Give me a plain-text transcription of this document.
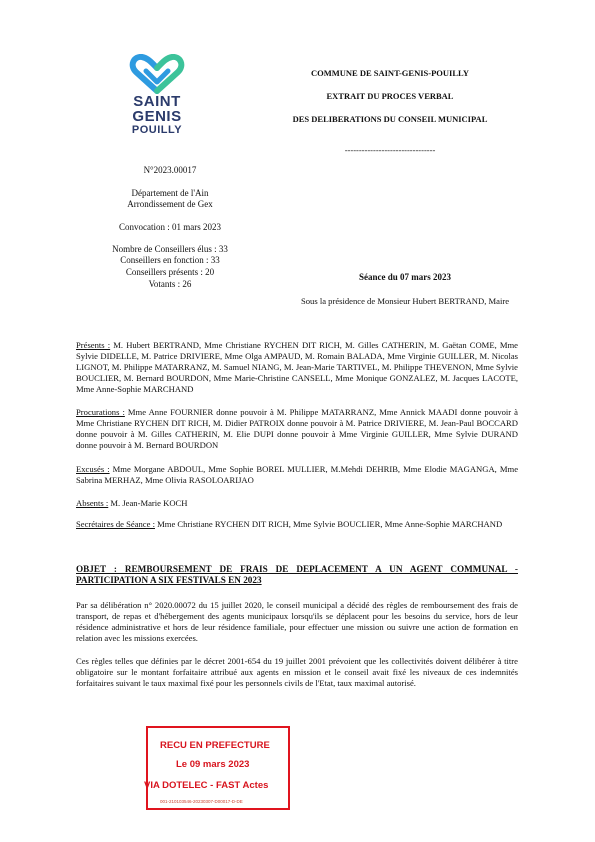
SAINT
GENIS
POUILLY
COMMUNE DE SAINT-GENIS-POUILLY
EXTRAIT DU PROCES VERBAL
DES DELIBERATIONS DU CONSEIL MUNICIPAL
--------------------------------
N°2023.00017
Département de l'Ain
Arrondissement de Gex
Convocation : 01 mars 2023
Nombre de Conseillers élus : 33
Conseillers en fonction : 33
Conseillers présents : 20
Votants : 26
Séance du 07 mars 2023
Sous la présidence de Monsieur Hubert BERTRAND, Maire
Présents : M. Hubert BERTRAND, Mme Christiane RYCHEN DIT RICH, M. Gilles CATHERIN, M. Gaëtan COME, Mme Sylvie DIDELLE, M. Patrice DRIVIERE, Mme Olga AMPAUD, M. Romain BALADA, Mme Virginie GUILLER, M. Nicolas LIGNOT, M. Philippe MATARRANZ, M. Samuel NIANG, M. Jean-Marie TARTIVEL, M. Philippe THEVENON, Mme Sylvie BOUCLIER, M. Bernard BOURDON, Mme Marie-Christine CANSELL, Mme Monique GONZALEZ, M. Jacques LACOTE, Mme Anne-Sophie MARCHAND
Procurations : Mme Anne FOURNIER donne pouvoir à M. Philippe MATARRANZ, Mme Annick MAADI donne pouvoir à Mme Christiane RYCHEN DIT RICH, M. Didier PATROIX donne pouvoir à M. Patrice DRIVIERE, M. Jean-Paul BOCCARD donne pouvoir à M. Gilles CATHERIN, M. Elie DUPI donne pouvoir à Mme Virginie GUILLER, Mme Sylvie DURAND donne pouvoir à M. Bernard BOURDON
Excusés : Mme Morgane ABDOUL, Mme Sophie BOREL MULLIER, M.Mehdi DEHRIB, Mme Elodie MAGANGA, Mme Sabrina MERHAZ, Mme Olivia RASOLOARIJAO
Absents : M. Jean-Marie KOCH
Secrétaires de Séance : Mme Christiane RYCHEN DIT RICH, Mme Sylvie BOUCLIER, Mme Anne-Sophie MARCHAND
OBJET : REMBOURSEMENT DE FRAIS DE DEPLACEMENT A UN AGENT COMMUNAL - PARTICIPATION A SIX FESTIVALS EN 2023
Par sa délibération n° 2020.00072 du 15 juillet 2020, le conseil municipal a décidé des règles de remboursement des frais de transport, de repas et d'hébergement des agents municipaux lorsqu'ils se déplacent pour les besoins du service, hors de leur résidence administrative et hors de leur résidence familiale, pour effectuer une mission ou suivre une action de formation en relation avec les missions exercées.
Ces règles telles que définies par le décret 2001-654 du 19 juillet 2001 prévoient que les collectivités doivent délibérer à titre obligatoire sur le montant forfaitaire attribué aux agents en mission et le conseil avait fixé les niveaux de ces indemnités forfaitaires suivant le taux maximal fixé pour les personnels civils de l'Etat, taux maximal autorisé.
RECU EN PREFECTURE
Le 09 mars 2023
VIA DOTELEC - FAST Actes
001-210103546-20230307-D00017-D-DE
